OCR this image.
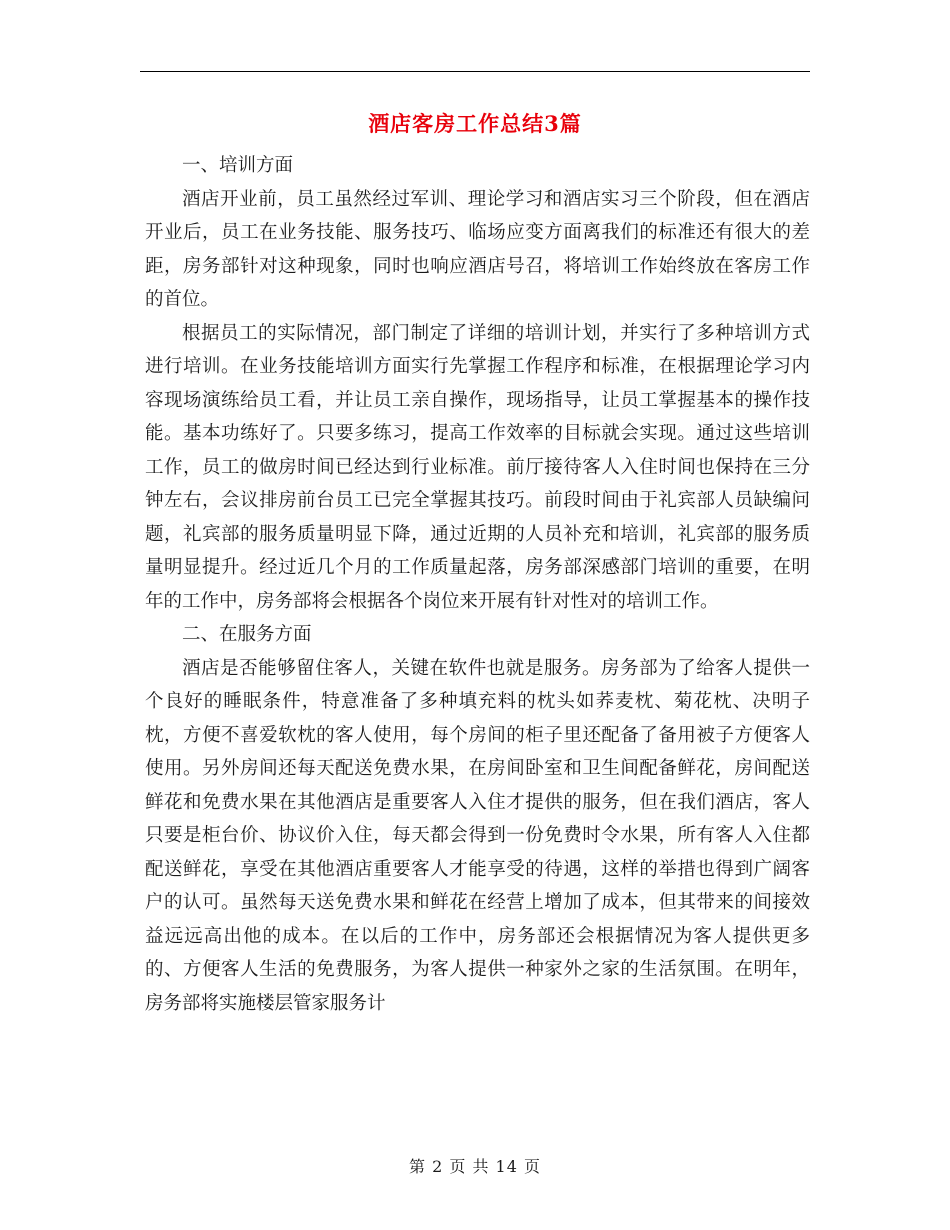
酒店客房工作总结3篇
一、培训方面

酒店开业前，员工虽然经过军训、理论学习和酒店实习三个阶段，但在酒店开业后，员工在业务技能、服务技巧、临场应变方面离我们的标准还有很大的差距，房务部针对这种现象，同时也响应酒店号召，将培训工作始终放在客房工作的首位。

根据员工的实际情况，部门制定了详细的培训计划，并实行了多种培训方式进行培训。在业务技能培训方面实行先掌握工作程序和标准，在根据理论学习内容现场演练给员工看，并让员工亲自操作，现场指导，让员工掌握基本的操作技能。基本功练好了。只要多练习，提高工作效率的目标就会实现。通过这些培训工作，员工的做房时间已经达到行业标准。前厅接待客人入住时间也保持在三分钟左右，会议排房前台员工已完全掌握其技巧。前段时间由于礼宾部人员缺编问题，礼宾部的服务质量明显下降，通过近期的人员补充和培训，礼宾部的服务质量明显提升。经过近几个月的工作质量起落，房务部深感部门培训的重要，在明年的工作中，房务部将会根据各个岗位来开展有针对性对的培训工作。

二、在服务方面

酒店是否能够留住客人，关键在软件也就是服务。房务部为了给客人提供一个良好的睡眠条件，特意准备了多种填充料的枕头如荞麦枕、菊花枕、决明子枕，方便不喜爱软枕的客人使用，每个房间的柜子里还配备了备用被子方便客人使用。另外房间还每天配送免费水果，在房间卧室和卫生间配备鲜花，房间配送鲜花和免费水果在其他酒店是重要客人入住才提供的服务，但在我们酒店，客人只要是柜台价、协议价入住，每天都会得到一份免费时令水果，所有客人入住都配送鲜花，享受在其他酒店重要客人才能享受的待遇，这样的举措也得到广阔客户的认可。虽然每天送免费水果和鲜花在经营上增加了成本，但其带来的间接效益远远高出他的成本。在以后的工作中，房务部还会根据情况为客人提供更多的、方便客人生活的免费服务，为客人提供一种家外之家的生活氛围。在明年，房务部将实施楼层管家服务计

第 2 页 共 14 页
